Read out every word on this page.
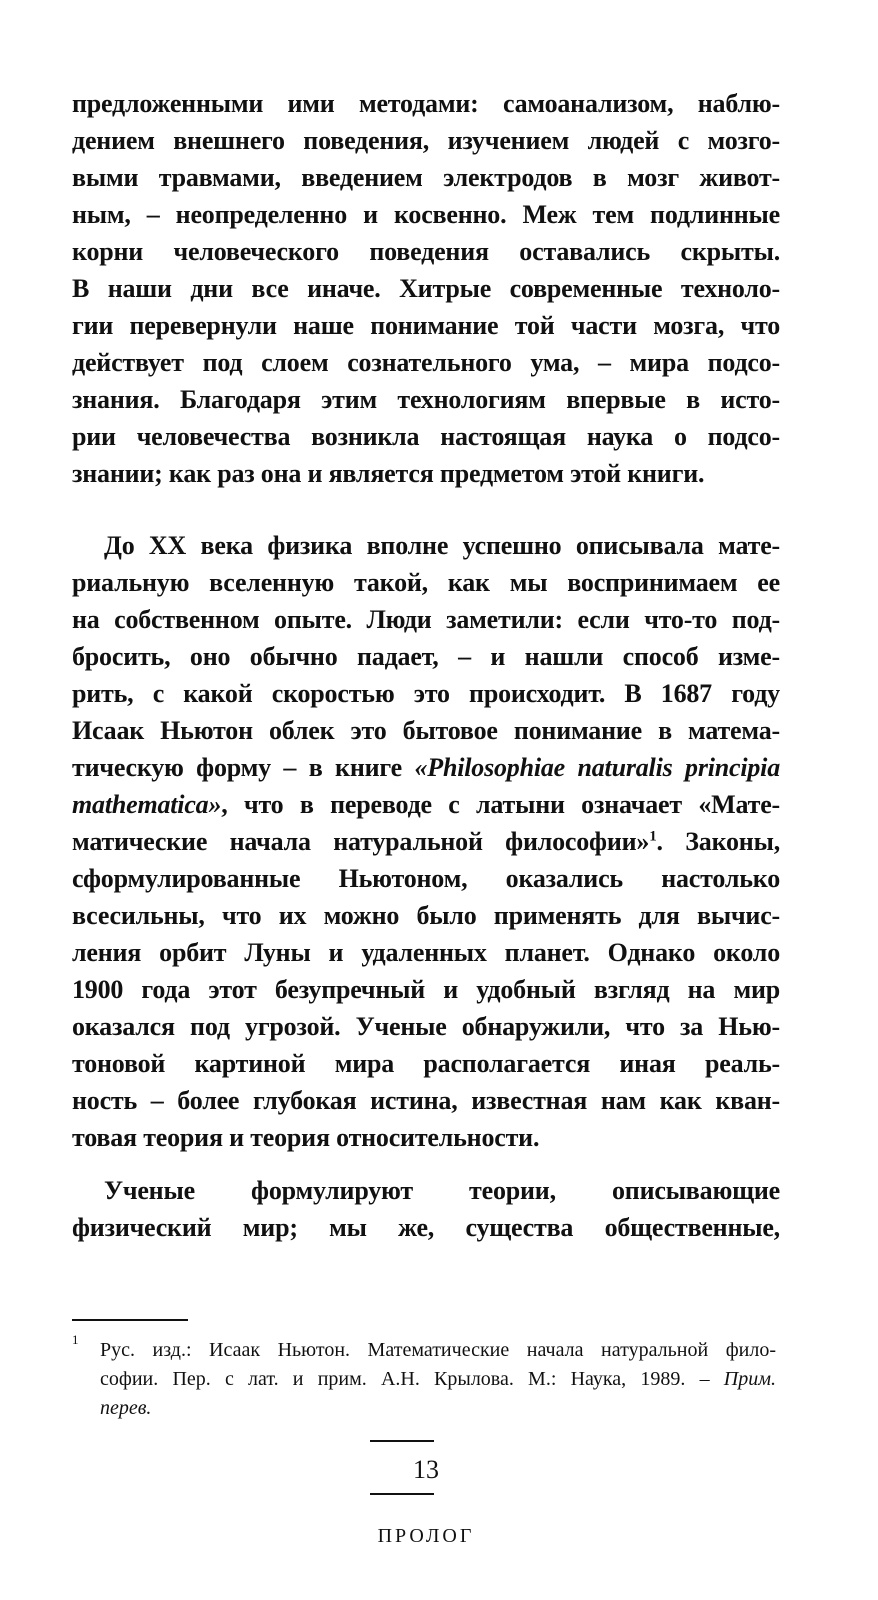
предложенными ими методами: самоанализом, наблю-
дением внешнего поведения, изучением людей с мозго-
выми травмами, введением электродов в мозг живот-
ным, – неопределенно и косвенно. Меж тем подлинные
корни человеческого поведения оставались скрыты.
В наши дни все иначе. Хитрые современные техноло-
гии перевернули наше понимание той части мозга, что
действует под слоем сознательного ума, – мира подсо-
знания. Благодаря этим технологиям впервые в исто-
рии человечества возникла настоящая наука о подсо-
знании; как раз она и является предметом этой книги.
До XX века физика вполне успешно описывала мате-
риальную вселенную такой, как мы воспринимаем ее
на собственном опыте. Люди заметили: если что-то под-
бросить, оно обычно падает, – и нашли способ изме-
рить, с какой скоростью это происходит. В 1687 году
Исаак Ньютон облек это бытовое понимание в матема-
тическую форму – в книге «Philosophiae naturalis principia
mathematica», что в переводе с латыни означает «Мате-
матические начала натуральной философии»$^1$. Законы,
сформулированные Ньютоном, оказались настолько
всесильны, что их можно было применять для вычис-
ления орбит Луны и удаленных планет. Однако около
1900 года этот безупречный и удобный взгляд на мир
оказался под угрозой. Ученые обнаружили, что за Нью-
тоновой картиной мира располагается иная реаль-
ность – более глубокая истина, известная нам как кван-
товая теория и теория относительности.
Ученые формулируют теории, описывающие
физический мир; мы же, существа общественные,
1 Рус. изд.: Исаак Ньютон. Математические начала натуральной фило-
софии. Пер. с лат. и прим. А.Н. Крылова. М.: Наука, 1989. – Прим.
перев.
13
ПРОЛОГ
